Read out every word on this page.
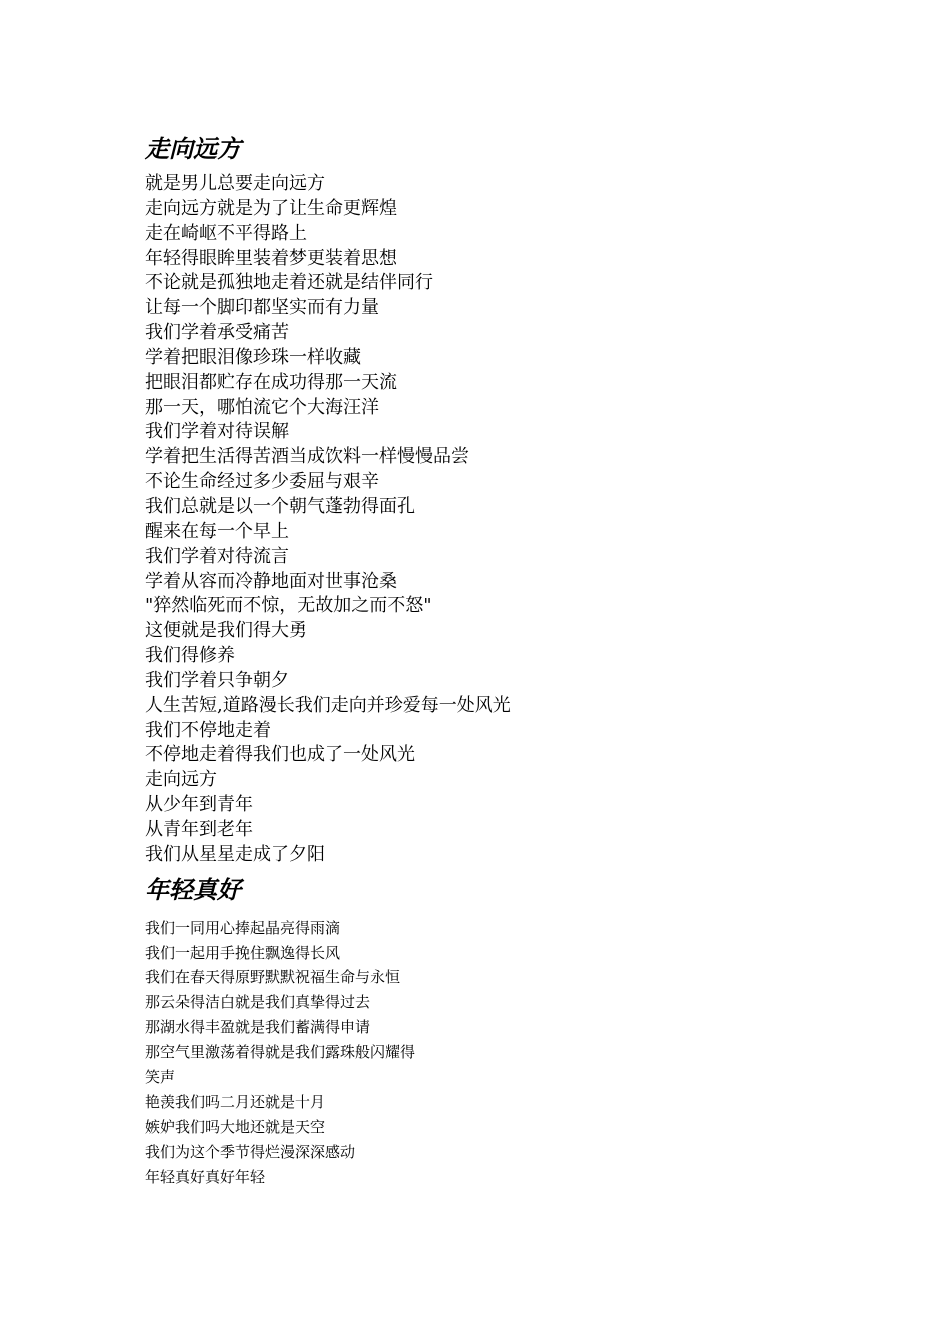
走向远方
就是男儿总要走向远方
走向远方就是为了让生命更辉煌
走在崎岖不平得路上
年轻得眼眸里装着梦更装着思想
不论就是孤独地走着还就是结伴同行
让每一个脚印都坚实而有力量
我们学着承受痛苦
学着把眼泪像珍珠一样收藏
把眼泪都贮存在成功得那一天流
那一天，哪怕流它个大海汪洋
我们学着对待误解
学着把生活得苦酒当成饮料一样慢慢品尝
不论生命经过多少委屈与艰辛
我们总就是以一个朝气蓬勃得面孔
醒来在每一个早上
我们学着对待流言
学着从容而冷静地面对世事沧桑
"猝然临死而不惊，无故加之而不怒"
这便就是我们得大勇
我们得修养
我们学着只争朝夕
人生苦短,道路漫长我们走向并珍爱每一处风光
我们不停地走着
不停地走着得我们也成了一处风光
走向远方
从少年到青年
从青年到老年
我们从星星走成了夕阳
年轻真好
我们一同用心捧起晶亮得雨滴
我们一起用手挽住飘逸得长风
我们在春天得原野默默祝福生命与永恒
那云朵得洁白就是我们真挚得过去
那湖水得丰盈就是我们蓄满得申请
那空气里激荡着得就是我们露珠般闪耀得
笑声
艳羡我们吗二月还就是十月
嫉妒我们吗大地还就是天空
我们为这个季节得烂漫深深感动
年轻真好真好年轻
